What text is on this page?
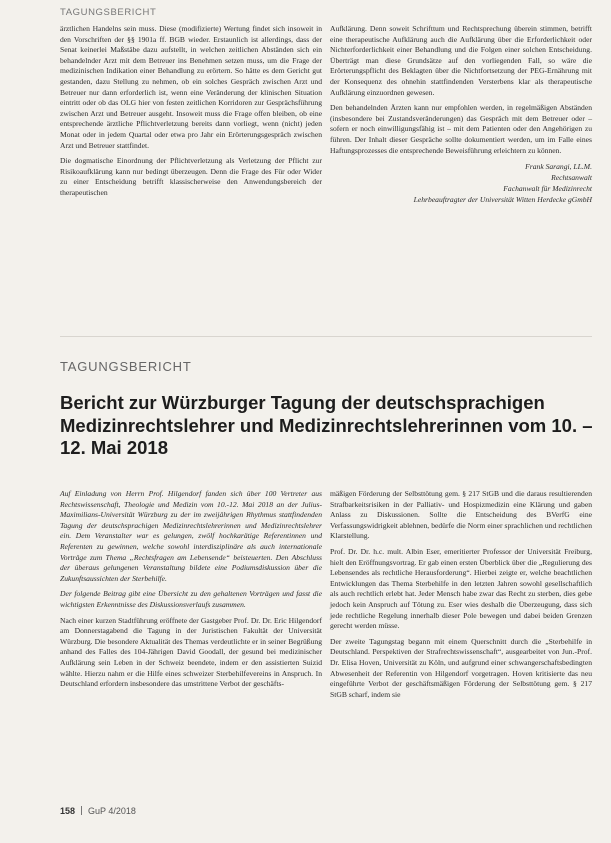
TAGUNGSBERICHT

ärztlichen Handelns sein muss. Diese (modifizierte) Wertung findet sich insoweit in den Vorschriften der §§ 1901a ff. BGB wieder. Erstaunlich ist allerdings, dass der Senat keinerlei Maßstäbe dazu aufstellt, in welchen zeitlichen Abständen sich ein behandelnder Arzt mit dem Betreuer ins Benehmen setzen muss, um die Frage der medizinischen Indikation einer Behandlung zu erörtern. So hätte es dem Gericht gut gestanden, dazu Stellung zu nehmen, ob ein solches Gespräch zwischen Arzt und Betreuer nur dann erforderlich ist, wenn eine Veränderung der klinischen Situation eintritt oder ob das OLG hier von festen zeitlichen Korridoren zur Gesprächsführung zwischen Arzt und Betreuer ausgeht. Insoweit muss die Frage offen bleiben, ob eine entsprechende ärztliche Pflichtverletzung bereits dann vorliegt, wenn (nicht) jeden Monat oder in jedem Quartal oder etwa pro Jahr ein Erörterungsgespräch zwischen Arzt und Betreuer stattfindet.

Die dogmatische Einordnung der Pflichtverletzung als Verletzung der Pflicht zur Risikoaufklärung kann nur bedingt überzeugen. Denn die Frage des Für oder Wider zu einer Entscheidung betrifft klassischerweise den Anwendungsbereich der therapeutischen

Aufklärung. Denn soweit Schrifttum und Rechtsprechung überein stimmen, betrifft eine therapeutische Aufklärung auch die Aufklärung über die Erforderlichkeit oder Nichterforderlichkeit einer Behandlung und die Folgen einer solchen Entscheidung. Überträgt man diese Grundsätze auf den vorliegenden Fall, so wäre die Erörterungspflicht des Beklagten über die Nichtfortsetzung der PEG-Ernährung mit der Konsequenz des ohnehin stattfindenden Versterbens klar als therapeutische Aufklärung einzuordnen gewesen.

Den behandelnden Ärzten kann nur empfohlen werden, in regelmäßigen Abständen (insbesondere bei Zustandsveränderungen) das Gespräch mit dem Betreuer oder – sofern er noch einwilligungsfähig ist – mit dem Patienten oder den Angehörigen zu führen. Der Inhalt dieser Gespräche sollte dokumentiert werden, um im Falle eines Haftungsprozesses die entsprechende Beweisführung erleichtern zu können.

Frank Sarangi, LL.M.
Rechtsanwalt
Fachanwalt für Medizinrecht
Lehrbeauftragter der Universität Witten Herdecke gGmbH
TAGUNGSBERICHT
Bericht zur Würzburger Tagung der deutschsprachigen Medizinrechtslehrer und Medizinrechtslehrerinnen vom 10. – 12. Mai 2018

Auf Einladung von Herrn Prof. Hilgendorf fanden sich über 100 Vertreter aus Rechtswissenschaft, Theologie und Medizin vom 10.-12. Mai 2018 an der Julius-Maximilians-Universität Würzburg zu der im zweijährigen Rhythmus stattfindenden Tagung der deutschsprachigen Medizinrechtslehrerinnen und Medizinrechtslehrer ein. Dem Veranstalter war es gelungen, zwölf hochkarätige Referentinnen und Referenten zu gewinnen, welche sowohl interdisziplinäre als auch internationale Vorträge zum Thema „Rechtsfragen am Lebensende“ beisteuerten. Den Abschluss der überaus gelungenen Veranstaltung bildete eine Podiumsdiskussion über die Zukunftsaussichten der Sterbehilfe.

Der folgende Beitrag gibt eine Übersicht zu den gehaltenen Vorträgen und fasst die wichtigsten Erkenntnisse des Diskussionsverlaufs zusammen.

Nach einer kurzen Stadtführung eröffnete der Gastgeber Prof. Dr. Dr. Eric Hilgendorf am Donnerstagabend die Tagung in der Juristischen Fakultät der Universität Würzburg. Die besondere Aktualität des Themas verdeutlichte er in seiner Begrüßung anhand des Falles des 104-Jährigen David Goodall, der gesund bei medizinischer Aufklärung sein Leben in der Schweiz beendete, indem er den assistierten Suizid wählte. Hierzu nahm er die Hilfe eines schweizer Sterbehilfevereins in Anspruch. In Deutschland erfordern insbesondere das umstrittene Verbot der geschäfts-

mäßigen Förderung der Selbsttötung gem. § 217 StGB und die daraus resultierenden Strafbarkeitsrisiken in der Palliativ- und Hospizmedizin eine Klärung und gaben Anlass zu Diskussionen. Sollte die Entscheidung des BVerfG eine Verfassungswidrigkeit ablehnen, bedürfe die Norm einer sprachlichen und rechtlichen Klarstellung.

Prof. Dr. Dr. h.c. mult. Albin Eser, emeritierter Professor der Universität Freiburg, hielt den Eröffnungsvortrag. Er gab einen ersten Überblick über die „Regulierung des Lebensendes als rechtliche Herausforderung“. Hierbei zeigte er, welche beachtlichen Entwicklungen das Thema Sterbehilfe in den letzten Jahren sowohl gesellschaftlich als auch rechtlich erlebt hat. Jeder Mensch habe zwar das Recht zu sterben, dies gebe jedoch kein Anspruch auf Tötung zu. Eser wies deshalb die Überzeugung, dass sich jede rechtliche Regelung innerhalb dieser Pole bewegen und dabei beiden Grenzen gerecht werden müsse.

Der zweite Tagungstag begann mit einem Querschnitt durch die „Sterbehilfe in Deutschland. Perspektiven der Strafrechtswissenschaft“, ausgearbeitet von Jun.-Prof. Dr. Elisa Hoven, Universität zu Köln, und aufgrund einer schwangerschaftsbedingten Abwesenheit der Referentin von Hilgendorf vorgetragen. Hoven kritisierte das neu eingeführte Verbot der geschäftsmäßigen Förderung der Selbsttötung gem. § 217 StGB scharf, indem sie

158 GuP 4/2018
